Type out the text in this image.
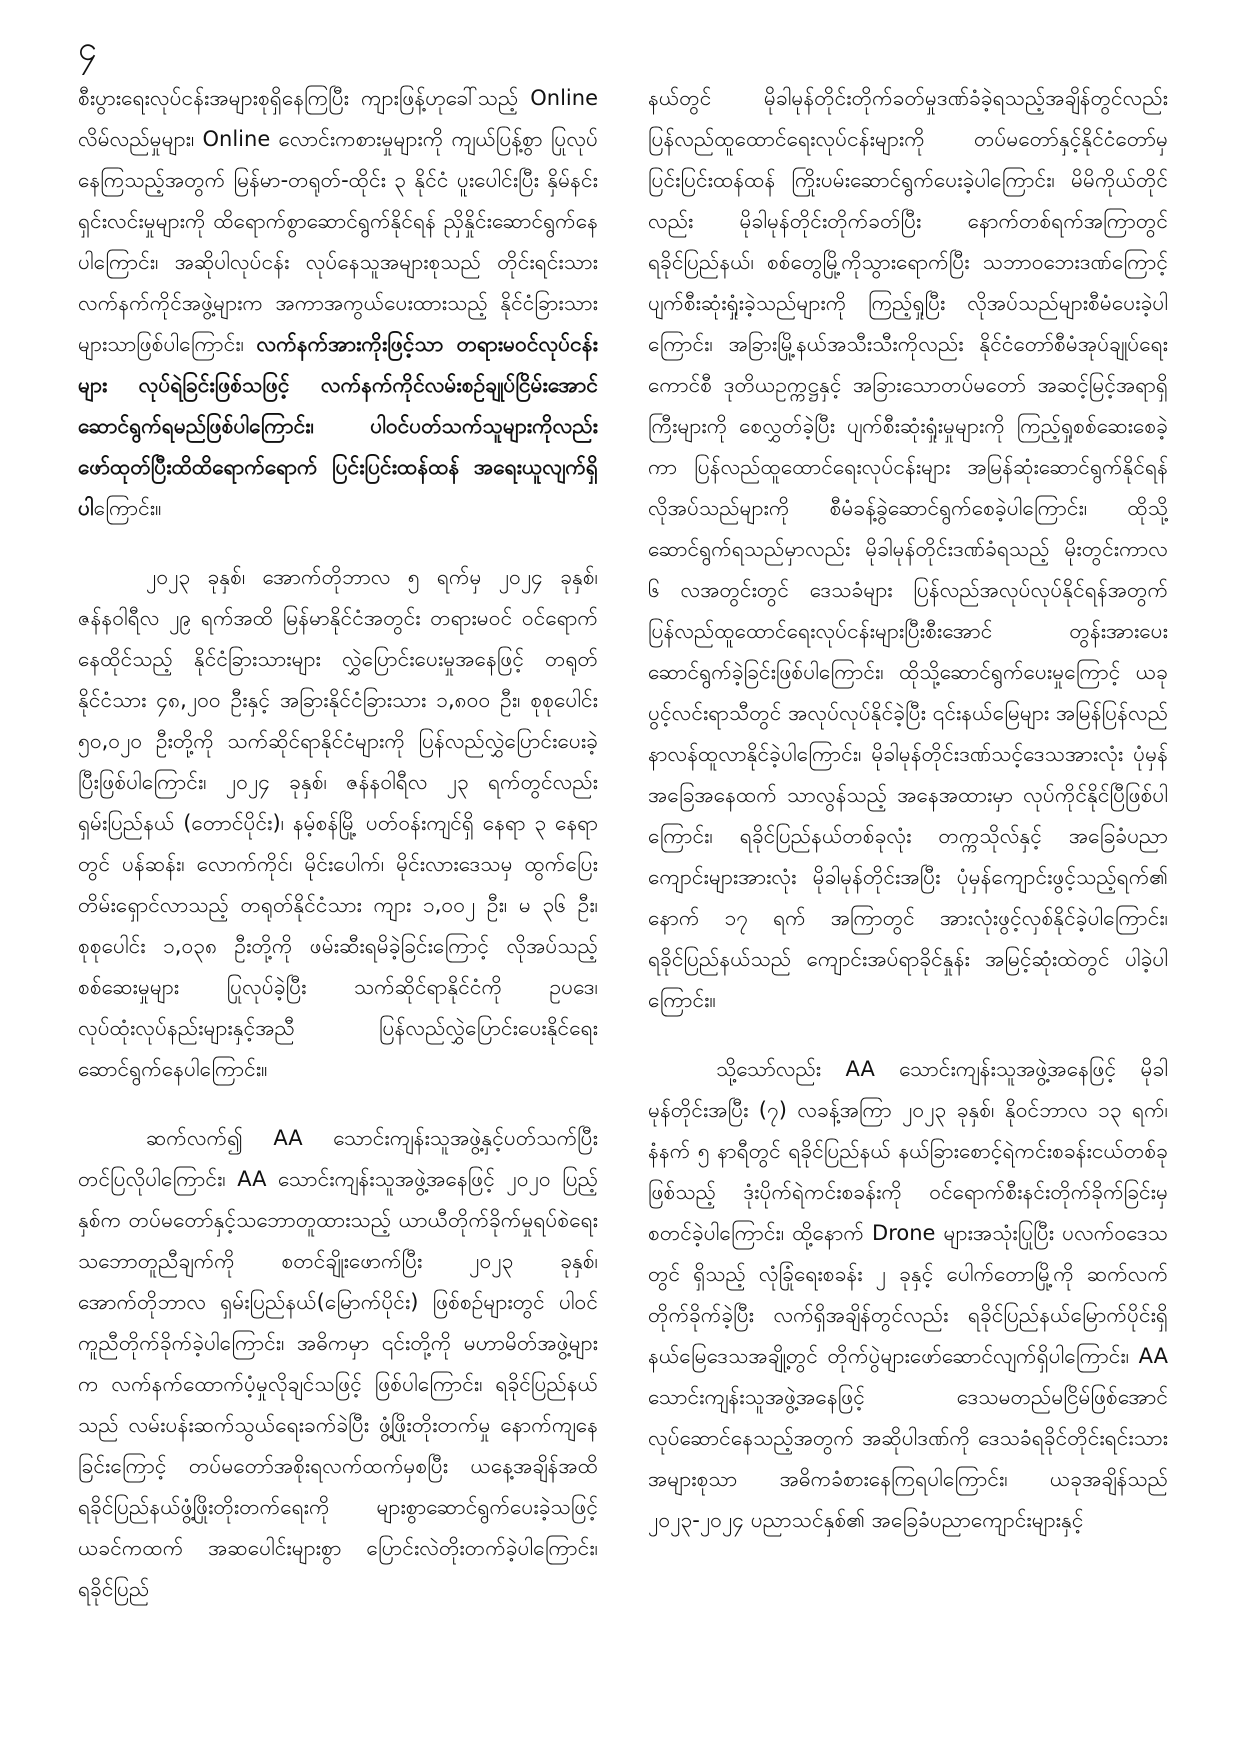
၄

စီးပွားရေးလုပ်ငန်းအများစုရှိနေကြပြီး ကျားဖြန့်ဟုခေါ်သည့် Online လိမ်လည်မှုများ၊ Online လောင်းကစားမှုများကို ကျယ်ပြန့်စွာ ပြုလုပ်နေကြသည့်အတွက် မြန်မာ-တရုတ်-ထိုင်း ၃ နိုင်ငံ ပူးပေါင်းပြီး နှိမ်နင်းရှင်းလင်းမှုများကို ထိရောက်စွာဆောင်ရွက်နိုင်ရန် ညှိနှိုင်းဆောင်ရွက်နေပါကြောင်း၊ အဆိုပါလုပ်ငန်း လုပ်နေသူအများစုသည် တိုင်းရင်းသားလက်နက်ကိုင်အဖွဲ့များက အကာအကွယ်ပေးထားသည့် နိုင်ငံခြားသားများသာဖြစ်ပါကြောင်း၊ လက်နက်အားကိုးဖြင့်သာ တရားမဝင်လုပ်ငန်းများ လုပ်ရဲခြင်းဖြစ်သဖြင့် လက်နက်ကိုင်လမ်းစဉ်ချုပ်ငြိမ်းအောင် ဆောင်ရွက်ရမည်ဖြစ်ပါကြောင်း၊ ပါဝင်ပတ်သက်သူများကိုလည်း ဖော်ထုတ်ပြီးထိထိရောက်ရောက် ပြင်းပြင်းထန်ထန် အရေးယူလျက်ရှိပါကြောင်း။

၂၀၂၃ ခုနှစ်၊ အောက်တိုဘာလ ၅ ရက်မှ ၂၀၂၄ ခုနှစ်၊ ဇန်နဝါရီလ ၂၉ ရက်အထိ မြန်မာနိုင်ငံအတွင်း တရားမဝင် ဝင်ရောက်နေထိုင်သည့် နိုင်ငံခြားသားများ လွှဲပြောင်းပေးမှုအနေဖြင့် တရုတ်နိုင်ငံသား ၄၈,၂၀၀ ဦးနှင့် အခြားနိုင်ငံခြားသား ၁,၈၀၀ ဦး၊ စုစုပေါင်း ၅၀,၀၂၀ ဦးတို့ကို သက်ဆိုင်ရာနိုင်ငံများကို ပြန်လည်လွှဲပြောင်းပေးခဲ့ပြီးဖြစ်ပါကြောင်း၊ ၂၀၂၄ ခုနှစ်၊ ဇန်နဝါရီလ ၂၃ ရက်တွင်လည်း ရှမ်းပြည်နယ် (တောင်ပိုင်း)၊ နမ့်စန်မြို့ ပတ်ဝန်းကျင်ရှိ နေရာ ၃ နေရာတွင် ပန်ဆန်း၊ လောက်ကိုင်၊ မိုင်းပေါက်၊ မိုင်းလားဒေသမှ ထွက်ပြေးတိမ်းရှောင်လာသည့် တရုတ်နိုင်ငံသား ကျား ၁,၀၀၂ ဦး၊ မ ၃၆ ဦး၊ စုစုပေါင်း ၁,၀၃၈ ဦးတို့ကို ဖမ်းဆီးရမိခဲ့ခြင်းကြောင့် လိုအပ်သည့်စစ်ဆေးမှုများ ပြုလုပ်ခဲ့ပြီး သက်ဆိုင်ရာနိုင်ငံကို ဥပဒေ၊ လုပ်ထုံးလုပ်နည်းများနှင့်အညီ ပြန်လည်လွှဲပြောင်းပေးနိုင်ရေး ဆောင်ရွက်နေပါကြောင်း။

ဆက်လက်၍ AA သောင်းကျန်းသူအဖွဲ့နှင့်ပတ်သက်ပြီး တင်ပြလိုပါကြောင်း၊ AA သောင်းကျန်းသူအဖွဲ့အနေဖြင့် ၂၀၂၀ ပြည့်နှစ်က တပ်မတော်နှင့်သဘောတူထားသည့် ယာယီတိုက်ခိုက်မှုရပ်စဲရေးသဘောတူညီချက်ကို စတင်ချိုးဖောက်ပြီး ၂၀၂၃ ခုနှစ်၊ အောက်တိုဘာလ ရှမ်းပြည်နယ်(မြောက်ပိုင်း) ဖြစ်စဉ်များတွင် ပါဝင်ကူညီတိုက်ခိုက်ခဲ့ပါကြောင်း၊ အဓိကမှာ ၎င်းတို့ကို မဟာမိတ်အဖွဲ့များက လက်နက်ထောက်ပံ့မှုလိုချင်သဖြင့် ဖြစ်ပါကြောင်း၊ ရခိုင်ပြည်နယ်သည် လမ်းပန်းဆက်သွယ်ရေးခက်ခဲပြီး ဖွံ့ဖြိုးတိုးတက်မှု နောက်ကျနေခြင်းကြောင့် တပ်မတော်အစိုးရလက်ထက်မှစပြီး ယနေ့အချိန်အထိ ရခိုင်ပြည်နယ်ဖွံ့ဖြိုးတိုးတက်ရေးကို များစွာဆောင်ရွက်ပေးခဲ့သဖြင့် ယခင်ကထက် အဆပေါင်းများစွာ ပြောင်းလဲတိုးတက်ခဲ့ပါကြောင်း၊ ရခိုင်ပြည်

နယ်တွင် မိုခါမုန်တိုင်းတိုက်ခတ်မှုဒဏ်ခံခဲ့ရသည့်အချိန်တွင်လည်း ပြန်လည်ထူထောင်ရေးလုပ်ငန်းများကို တပ်မတော်နှင့်နိုင်ငံတော်မှ ပြင်းပြင်းထန်ထန် ကြိုးပမ်းဆောင်ရွက်ပေးခဲ့ပါကြောင်း၊ မိမိကိုယ်တိုင်လည်း မိုခါမုန်တိုင်းတိုက်ခတ်ပြီး နောက်တစ်ရက်အကြာတွင် ရခိုင်ပြည်နယ်၊ စစ်တွေမြို့ကိုသွားရောက်ပြီး သဘာဝဘေးဒဏ်ကြောင့် ပျက်စီးဆုံးရှုံးခဲ့သည်များကို ကြည့်ရှုပြီး လိုအပ်သည်များစီမံပေးခဲ့ပါကြောင်း၊ အခြားမြို့နယ်အသီးသီးကိုလည်း နိုင်ငံတော်စီမံအုပ်ချုပ်ရေးကောင်စီ ဒုတိယဥက္ကဋ္ဌနှင့် အခြားသောတပ်မတော် အဆင့်မြင့်အရာရှိကြီးများကို စေလွှတ်ခဲ့ပြီး ပျက်စီးဆုံးရှုံးမှုများကို ကြည့်ရှုစစ်ဆေးစေခဲ့ကာ ပြန်လည်ထူထောင်ရေးလုပ်ငန်းများ အမြန်ဆုံးဆောင်ရွက်နိုင်ရန် လိုအပ်သည်များကို စီမံခန့်ခွဲဆောင်ရွက်စေခဲ့ပါကြောင်း၊ ထိုသို့ဆောင်ရွက်ရသည်မှာလည်း မိုခါမုန်တိုင်းဒဏ်ခံရသည့် မိုးတွင်းကာလ ၆ လအတွင်းတွင် ဒေသခံများ ပြန်လည်အလုပ်လုပ်နိုင်ရန်အတွက် ပြန်လည်ထူထောင်ရေးလုပ်ငန်းများပြီးစီးအောင် တွန်းအားပေး ဆောင်ရွက်ခဲ့ခြင်းဖြစ်ပါကြောင်း၊ ထိုသို့ဆောင်ရွက်ပေးမှုကြောင့် ယခုပွင့်လင်းရာသီတွင် အလုပ်လုပ်နိုင်ခဲ့ပြီး ၎င်းနယ်မြေများ အမြန်ပြန်လည်နာလန်ထူလာနိုင်ခဲ့ပါကြောင်း၊ မိုခါမုန်တိုင်းဒဏ်သင့်ဒေသအားလုံး ပုံမှန်အခြေအနေထက် သာလွန်သည့် အနေအထားမှာ လုပ်ကိုင်နိုင်ပြီဖြစ်ပါကြောင်း၊ ရခိုင်ပြည်နယ်တစ်ခုလုံး တက္ကသိုလ်နှင့် အခြေခံပညာကျောင်းများအားလုံး မိုခါမုန်တိုင်းအပြီး ပုံမှန်ကျောင်းဖွင့်သည့်ရက်၏ နောက် ၁၇ ရက် အကြာတွင် အားလုံးဖွင့်လှစ်နိုင်ခဲ့ပါကြောင်း၊ ရခိုင်ပြည်နယ်သည် ကျောင်းအပ်ရာခိုင်နှုန်း အမြင့်ဆုံးထဲတွင် ပါခဲ့ပါကြောင်း။

သို့သော်လည်း AA သောင်းကျန်းသူအဖွဲ့အနေဖြင့် မိုခါမုန်တိုင်းအပြီး (၇) လခန့်အကြာ ၂၀၂၃ ခုနှစ်၊ နိုဝင်ဘာလ ၁၃ ရက်၊ နံနက် ၅ နာရီတွင် ရခိုင်ပြည်နယ် နယ်ခြားစောင့်ရဲကင်းစခန်းငယ်တစ်ခုဖြစ်သည့် ဒုံးပိုက်ရဲကင်းစခန်းကို ဝင်ရောက်စီးနင်းတိုက်ခိုက်ခြင်းမှ စတင်ခဲ့ပါကြောင်း၊ ထို့နောက် Drone များအသုံးပြုပြီး ပလက်ဝဒေသတွင် ရှိသည့် လုံခြုံရေးစခန်း ၂ ခုနှင့် ပေါက်တောမြို့ကို ဆက်လက်တိုက်ခိုက်ခဲ့ပြီး လက်ရှိအချိန်တွင်လည်း ရခိုင်ပြည်နယ်မြောက်ပိုင်းရှိ နယ်မြေဒေသအချို့တွင် တိုက်ပွဲများဖော်ဆောင်လျက်ရှိပါကြောင်း၊ AA သောင်းကျန်းသူအဖွဲ့အနေဖြင့် ဒေသမတည်မငြိမ်ဖြစ်အောင် လုပ်ဆောင်နေသည့်အတွက် အဆိုပါဒဏ်ကို ဒေသခံရခိုင်တိုင်းရင်းသားအများစုသာ အဓိကခံစားနေကြရပါကြောင်း၊ ယခုအချိန်သည် ၂၀၂၃-၂၀၂၄ ပညာသင်နှစ်၏ အခြေခံပညာကျောင်းများနှင့်
